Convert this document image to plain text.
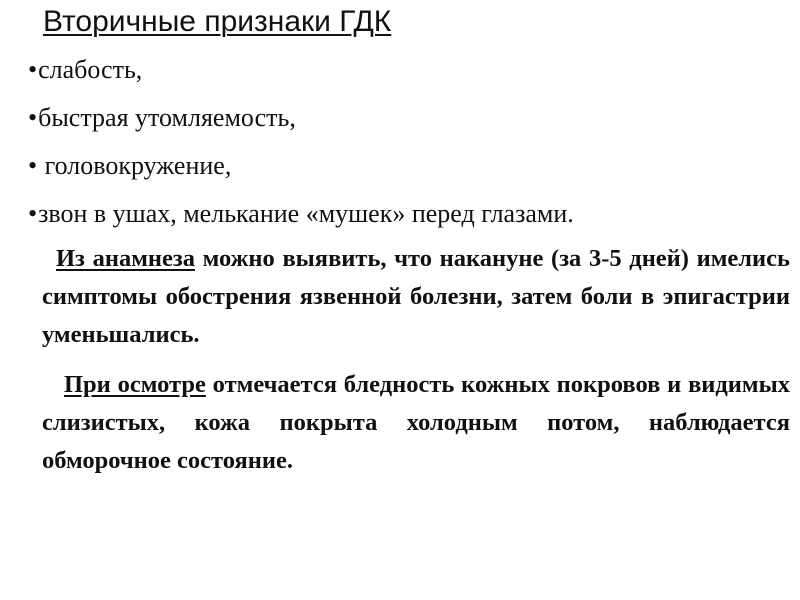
Вторичные признаки ГДК
• слабость,
• быстрая утомляемость,
• головокружение,
• звон в ушах, мелькание «мушек» перед глазами.

Из анамнеза можно выявить, что накануне (за 3-5 дней) имелись симптомы обострения язвенной болезни, затем боли в эпигастрии уменьшались.

При осмотре отмечается бледность кожных покровов и видимых слизистых, кожа покрыта холодным потом, наблюдается обморочное состояние.
